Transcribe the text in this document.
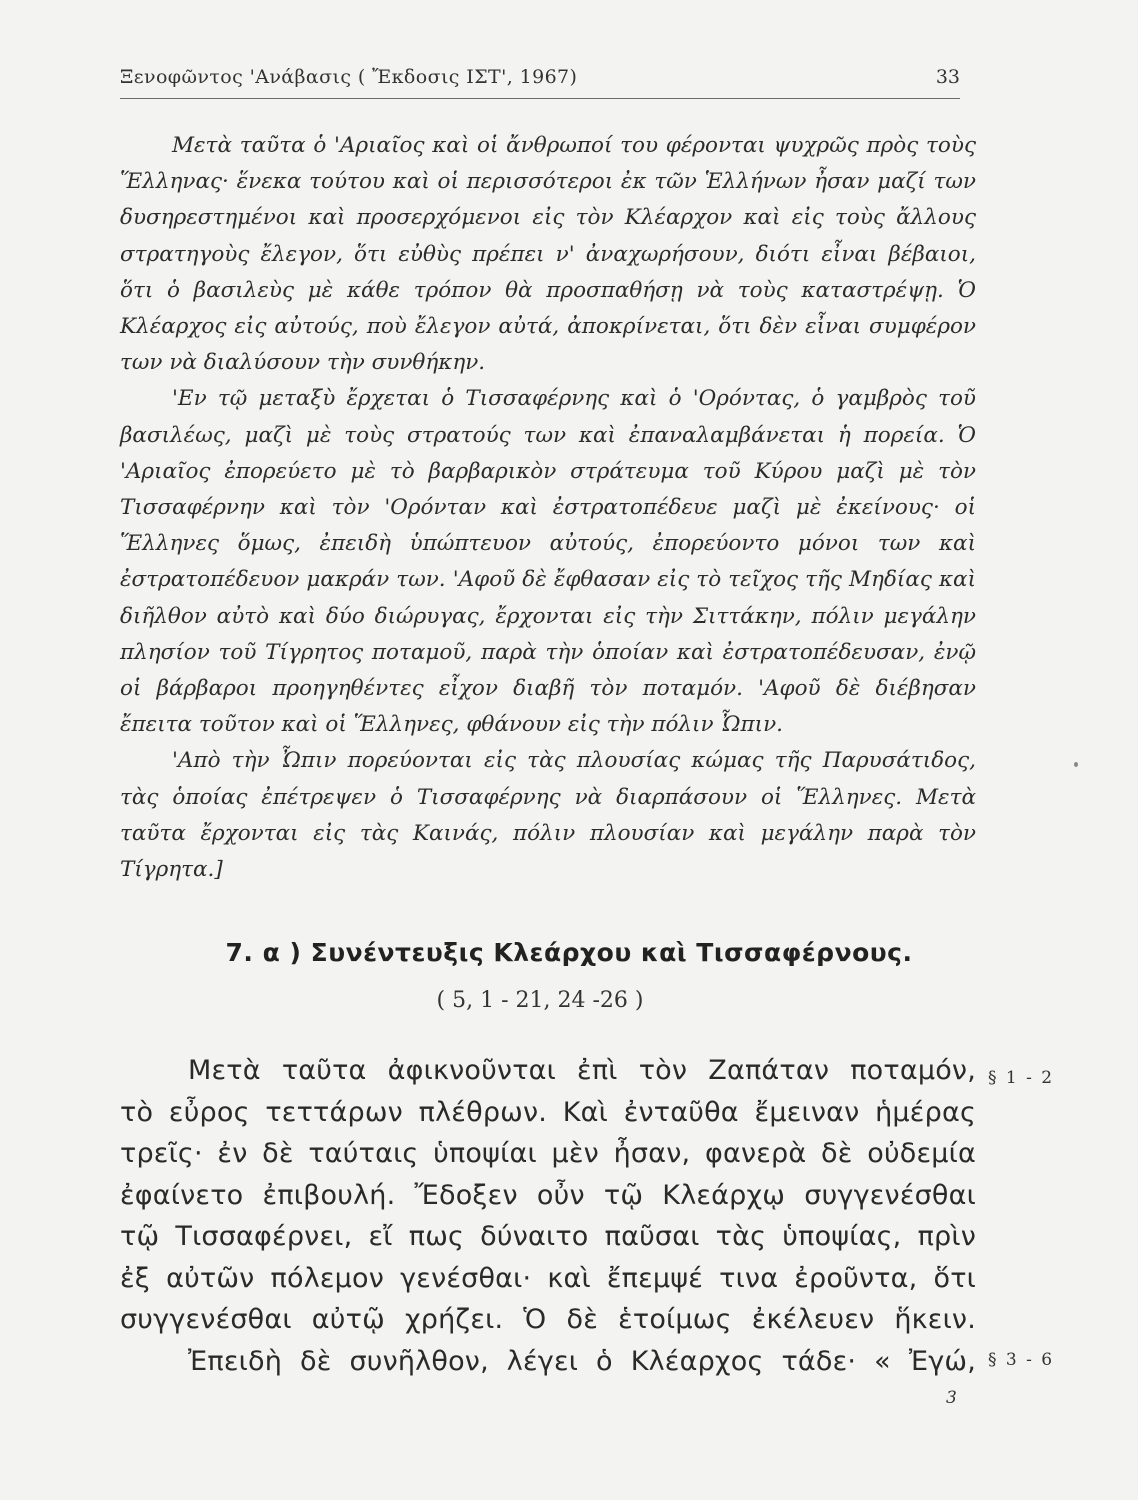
Ξενοφῶντος 'Ανάβασις ( Ἔκδοσις ΙΣΤ', 1967)	33

Μετὰ ταῦτα ὁ 'Αριαῖος καὶ οἱ ἄνθρωποί του φέρονται ψυχρῶς πρὸς τοὺς Ἕλληνας· ἕνεκα τούτου καὶ οἱ περισσότεροι ἐκ τῶν Ἑλλήνων ἦσαν μαζί των δυσηρεστημένοι καὶ προσερχόμενοι εἰς τὸν Κλέαρχον καὶ εἰς τοὺς ἄλλους στρατηγοὺς ἔλεγον, ὅτι εὐθὺς πρέπει ν' ἀναχωρήσουν, διότι εἶναι βέβαιοι, ὅτι ὁ βασιλεὺς μὲ κάθε τρόπον θὰ προσπαθήσῃ νὰ τοὺς καταστρέψῃ. Ὁ Κλέαρχος εἰς αὐτούς, ποὺ ἔλεγον αὐτά, ἀποκρίνεται, ὅτι δὲν εἶναι συμφέρον των νὰ διαλύσουν τὴν συνθήκην.

'Εν τῷ μεταξὺ ἔρχεται ὁ Τισσαφέρνης καὶ ὁ 'Ορόντας, ὁ γαμβρὸς τοῦ βασιλέως, μαζὶ μὲ τοὺς στρατούς των καὶ ἐπαναλαμβάνεται ἡ πορεία. Ὁ 'Αριαῖος ἐπορεύετο μὲ τὸ βαρβαρικὸν στράτευμα τοῦ Κύρου μαζὶ μὲ τὸν Τισσαφέρνην καὶ τὸν 'Ορόνταν καὶ ἐστρατοπέδευε μαζὶ μὲ ἐκείνους· οἱ Ἕλληνες ὅμως, ἐπειδὴ ὑπώπτευον αὐτούς, ἐπορεύοντο μόνοι των καὶ ἐστρατοπέδευον μακράν των. 'Αφοῦ δὲ ἔφθασαν εἰς τὸ τεῖχος τῆς Μηδίας καὶ διῆλθον αὐτὸ καὶ δύο διώρυγας, ἔρχονται εἰς τὴν Σιττάκην, πόλιν μεγάλην πλησίον τοῦ Τίγρητος ποταμοῦ, παρὰ τὴν ὁποίαν καὶ ἐστρατοπέδευσαν, ἐνῷ οἱ βάρβαροι προηγηθέντες εἶχον διαβῆ τὸν ποταμόν. 'Αφοῦ δὲ διέβησαν ἔπειτα τοῦτον καὶ οἱ Ἕλληνες, φθάνουν εἰς τὴν πόλιν Ὦπιν.

'Απὸ τὴν Ὦπιν πορεύονται εἰς τὰς πλουσίας κώμας τῆς Παρυσάτιδος, τὰς ὁποίας ἐπέτρεψεν ὁ Τισσαφέρνης νὰ διαρπάσουν οἱ Ἕλληνες. Μετὰ ταῦτα ἔρχονται εἰς τὰς Καινάς, πόλιν πλουσίαν καὶ μεγάλην παρὰ τὸν Τίγρητα.]

7. α ) Συνέντευξις Κλεάρχου καὶ Τισσαφέρνους.
( 5, 1 - 21, 24 -26 )

Μετὰ ταῦτα ἀφικνοῦνται ἐπὶ τὸν Ζαπάταν ποταμόν,

τὸ εὖρος τεττάρων πλέθρων. Καὶ ἐνταῦθα ἔμειναν ἡμέρας

τρεῖς· ἐν δὲ ταύταις ὑποψίαι μὲν ἦσαν, φανερὰ δὲ οὐδεμία

ἐφαίνετο ἐπιβουλή. Ἔδοξεν οὖν τῷ Κλεάρχῳ συγγενέσθαι

τῷ Τισσαφέρνει, εἴ πως δύναιτο παῦσαι τὰς ὑποψίας, πρὶν

ἐξ αὐτῶν πόλεμον γενέσθαι· καὶ ἔπεμψέ τινα ἐροῦντα, ὅτι

συγγενέσθαι αὐτῷ χρήζει. Ὁ δὲ ἑτοίμως ἐκέλευεν ἥκειν.

Ἐπειδὴ δὲ συνῆλθον, λέγει ὁ Κλέαρχος τάδε· « Ἐγώ,

§ 1 - 2
§ 3 - 6
3
